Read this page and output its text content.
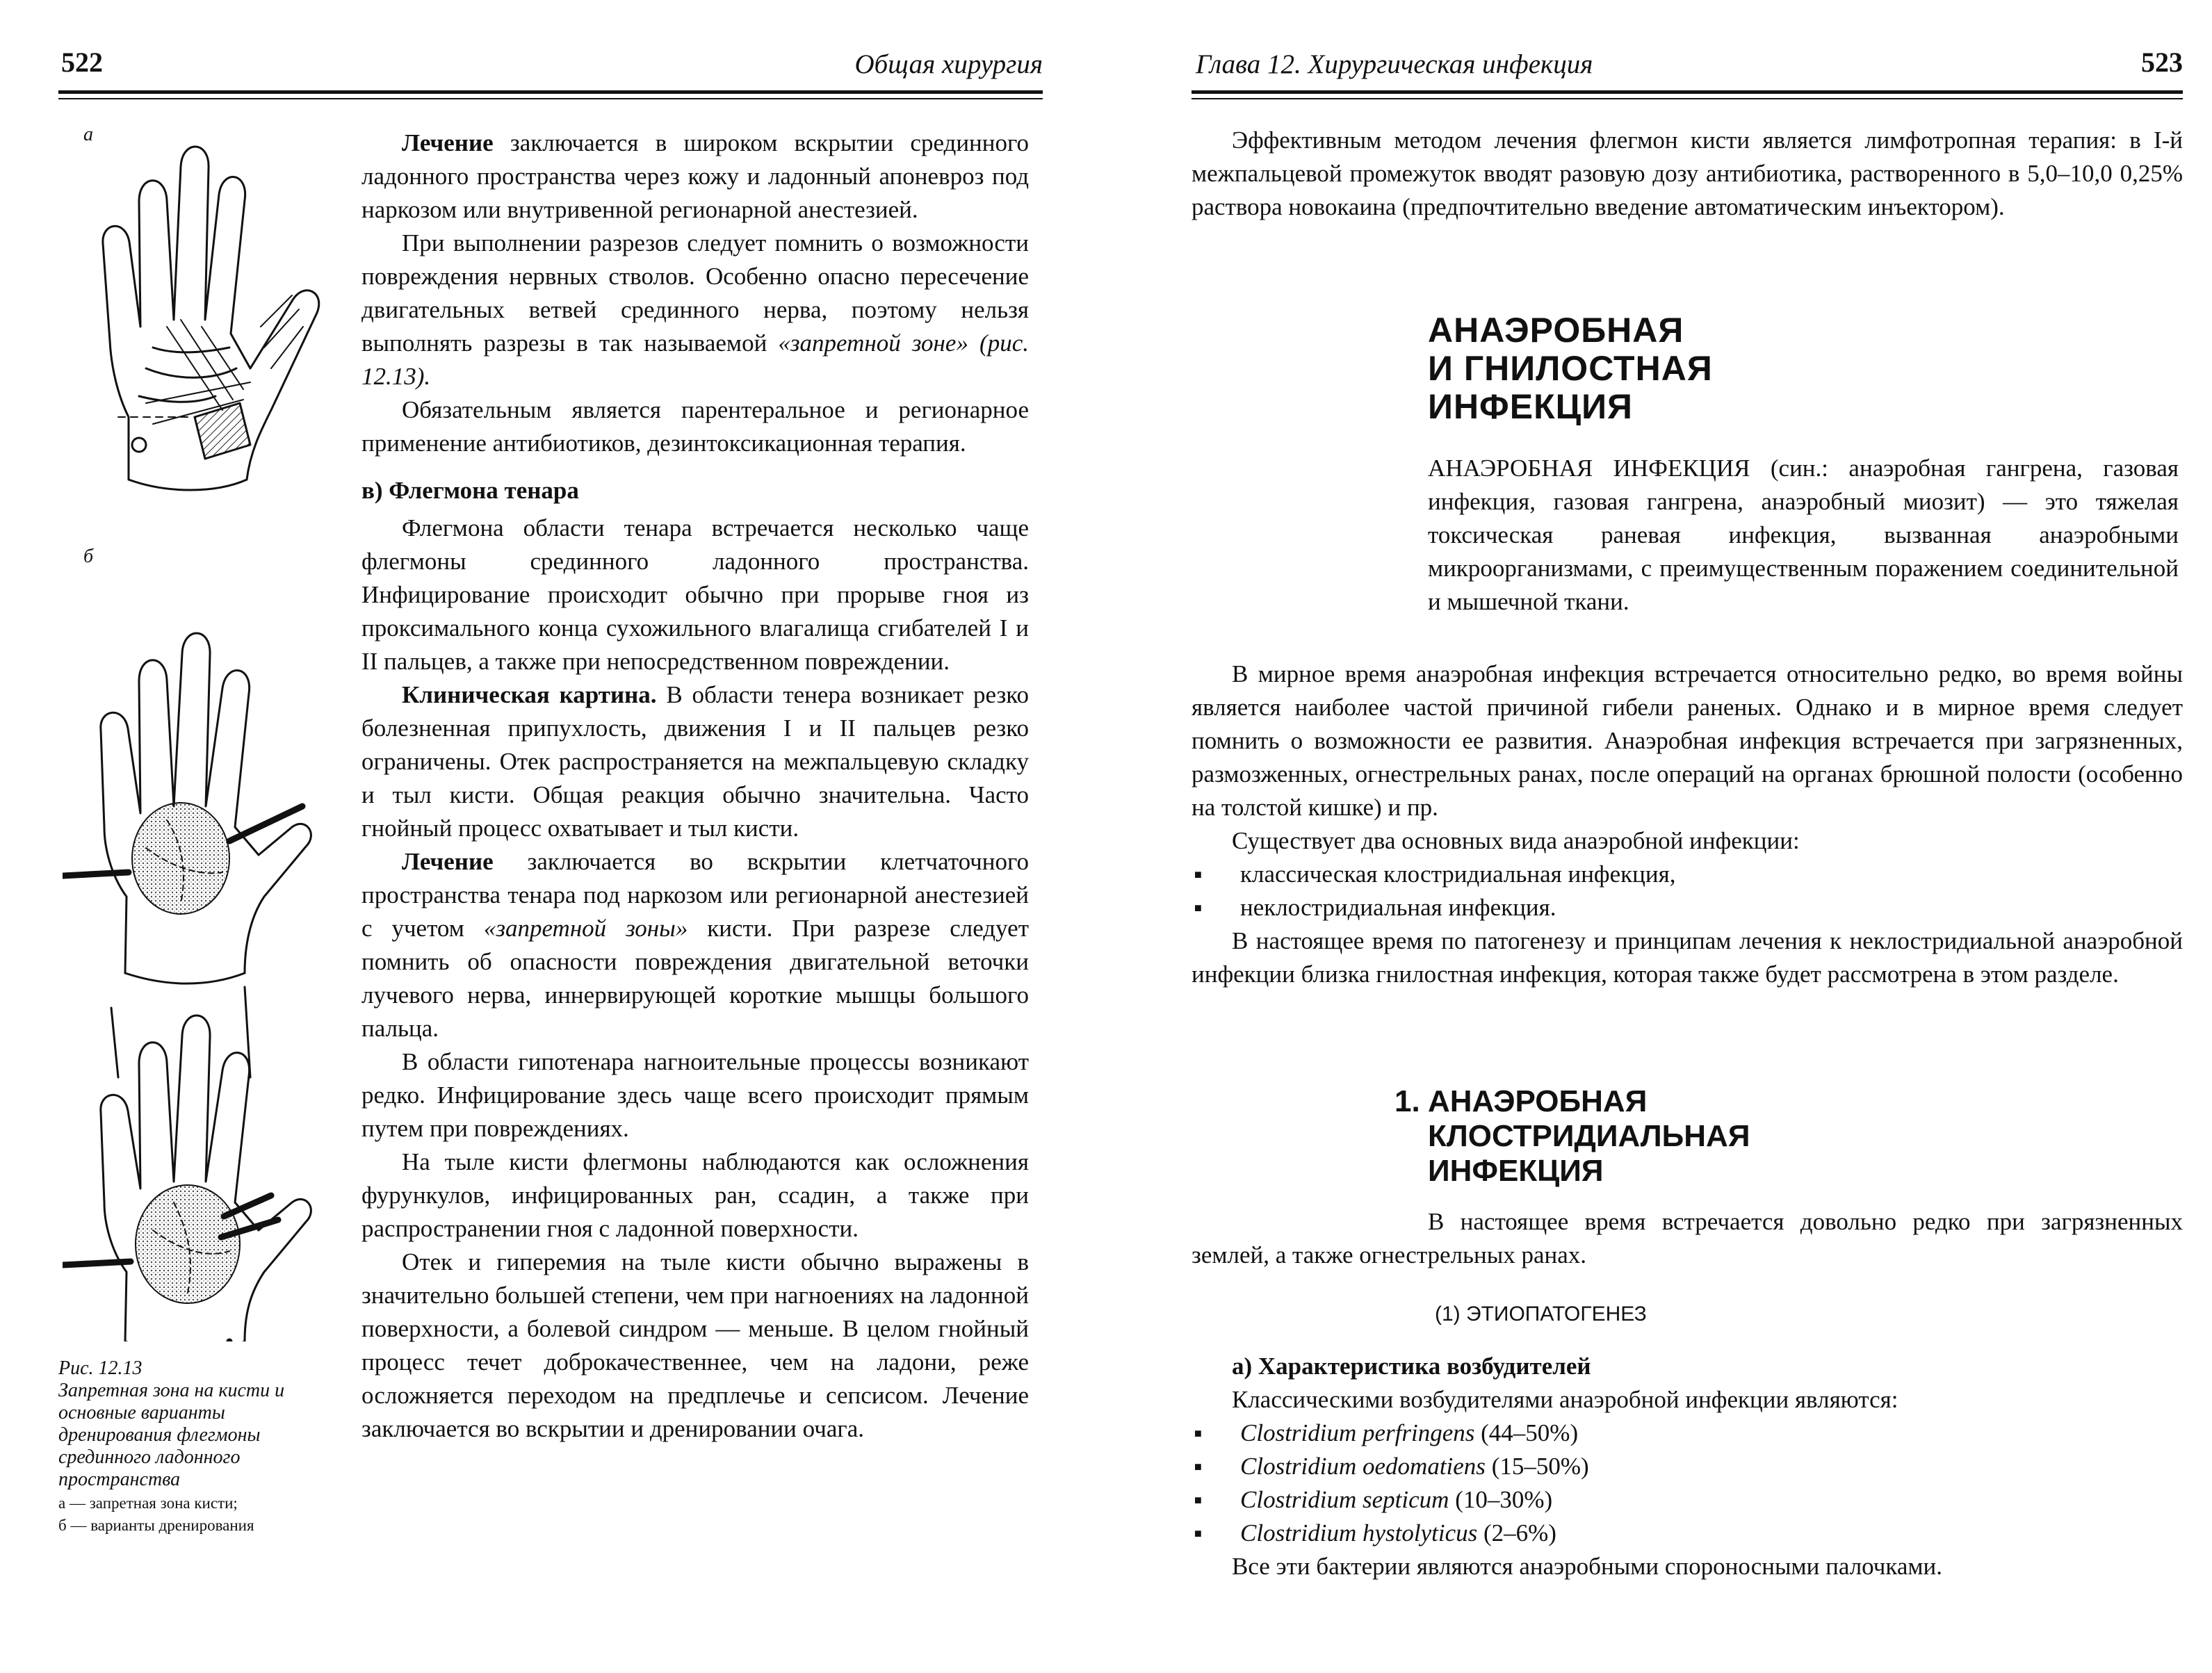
522	Общая хирургия
а
б
Рис. 12.13
Запретная зона на кисти и основные варианты дренирования флегмоны срединного ладонного пространства
а — запретная зона кисти;
б — варианты дренирования

Лечение заключается в широком вскрытии срединного ладонного пространства через кожу и ладонный апоневроз под наркозом или внутривенной регионарной анестезией.

При выполнении разрезов следует помнить о возможности повреждения нервных стволов. Особенно опасно пересечение двигательных ветвей срединного нерва, поэтому нельзя выполнять разрезы в так называемой «запретной зоне» (рис. 12.13).

Обязательным является парентеральное и регионарное применение антибиотиков, дезинтоксикационная терапия.

в) Флегмона тенара

Флегмона области тенара встречается несколько чаще флегмоны срединного ладонного пространства. Инфицирование происходит обычно при прорыве гноя из проксимального конца сухожильного влагалища сгибателей I и II пальцев, а также при непосредственном повреждении.

Клиническая картина. В области тенера возникает резко болезненная припухлость, движения I и II пальцев резко ограничены. Отек распространяется на межпальцевую складку и тыл кисти. Общая реакция обычно значительна. Часто гнойный процесс охватывает и тыл кисти.

Лечение заключается во вскрытии клетчаточного пространства тенара под наркозом или регионарной анестезией с учетом «запретной зоны» кисти. При разрезе следует помнить об опасности повреждения двигательной веточки лучевого нерва, иннервирующей короткие мышцы большого пальца.

В области гипотенара нагноительные процессы возникают редко. Инфицирование здесь чаще всего происходит прямым путем при повреждениях.

На тыле кисти флегмоны наблюдаются как осложнения фурункулов, инфицированных ран, ссадин, а также при распространении гноя с ладонной поверхности.

Отек и гиперемия на тыле кисти обычно выражены в значительно большей степени, чем при нагноениях на ладонной поверхности, а болевой синдром — меньше. В целом гнойный процесс течет доброкачественнее, чем на ладони, реже осложняется переходом на предплечье и сепсисом. Лечение заключается во вскрытии и дренировании очага.

Глава 12. Хирургическая инфекция	523

Эффективным методом лечения флегмон кисти является лимфотропная терапия: в I-й межпальцевой промежуток вводят разовую дозу антибиотика, растворенного в 5,0–10,0 0,25% раствора новокаина (предпочтительно введение автоматическим инъектором).

АНАЭРОБНАЯ
И ГНИЛОСТНАЯ
ИНФЕКЦИЯ

АНАЭРОБНАЯ ИНФЕКЦИЯ (син.: анаэробная гангрена, газовая инфекция, газовая гангрена, анаэробный миозит) — это тяжелая токсическая раневая инфекция, вызванная анаэробными микроорганизмами, с преимущественным поражением соединительной и мышечной ткани.

В мирное время анаэробная инфекция встречается относительно редко, во время войны является наиболее частой причиной гибели раненых. Однако и в мирное время следует помнить о возможности ее развития. Анаэробная инфекция встречается при загрязненных, размозженных, огнестрельных ранах, после операций на органах брюшной полости (особенно на толстой кишке) и пр.

Существует два основных вида анаэробной инфекции:

■ классическая клостридиальная инфекция,
■ неклостридиальная инфекция.

В настоящее время по патогенезу и принципам лечения к неклостридиальной анаэробной инфекции близка гнилостная инфекция, которая также будет рассмотрена в этом разделе.

1. АНАЭРОБНАЯ
КЛОСТРИДИАЛЬНАЯ
ИНФЕКЦИЯ

В настоящее время встречается довольно редко при загрязненных землей, а также огнестрельных ранах.

(1) ЭТИОПАТОГЕНЕЗ

а) Характеристика возбудителей

Классическими возбудителями анаэробной инфекции являются:

■ Clostridium perfringens (44–50%)
■ Clostridium oedomatiens (15–50%)
■ Clostridium septicum (10–30%)
■ Clostridium hystolyticus (2–6%)

Все эти бактерии являются анаэробными спороносными палочками.
